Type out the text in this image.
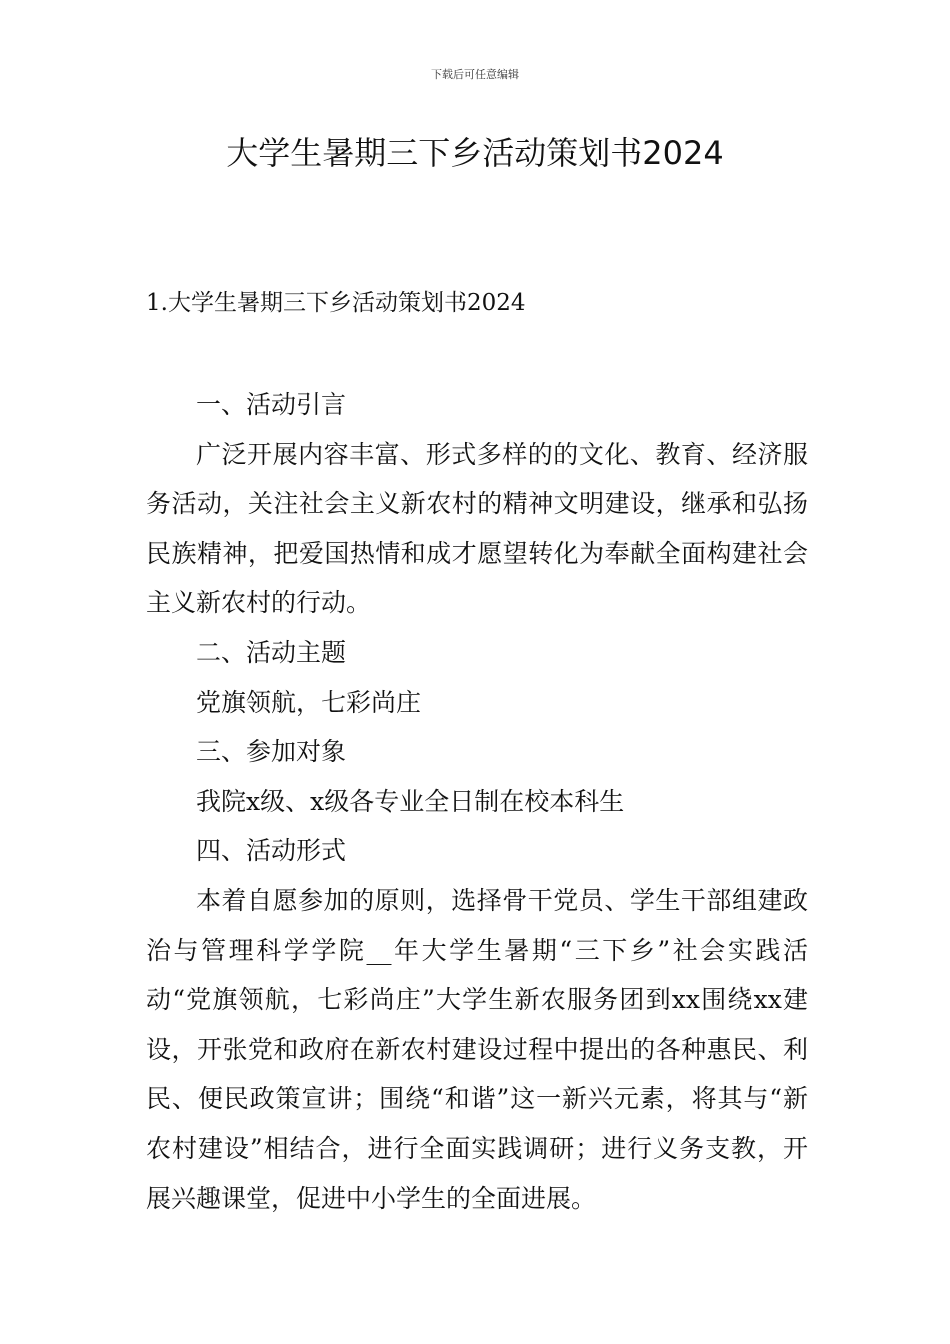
下载后可任意编辑
大学生暑期三下乡活动策划书2024
1.大学生暑期三下乡活动策划书2024

一、活动引言

广泛开展内容丰富、形式多样的的文化、教育、经济服务活动，关注社会主义新农村的精神文明建设，继承和弘扬民族精神，把爱国热情和成才愿望转化为奉献全面构建社会主义新农村的行动。

二、活动主题

党旗领航，七彩尚庄

三、参加对象

我院x级、x级各专业全日制在校本科生

四、活动形式

本着自愿参加的原则，选择骨干党员、学生干部组建政治与管理科学学院__年大学生暑期“三下乡”社会实践活动“党旗领航，七彩尚庄”大学生新农服务团到xx围绕xx建设，开张党和政府在新农村建设过程中提出的各种惠民、利民、便民政策宣讲；围绕“和谐”这一新兴元素，将其与“新农村建设”相结合，进行全面实践调研；进行义务支教，开展兴趣课堂，促进中小学生的全面进展。
